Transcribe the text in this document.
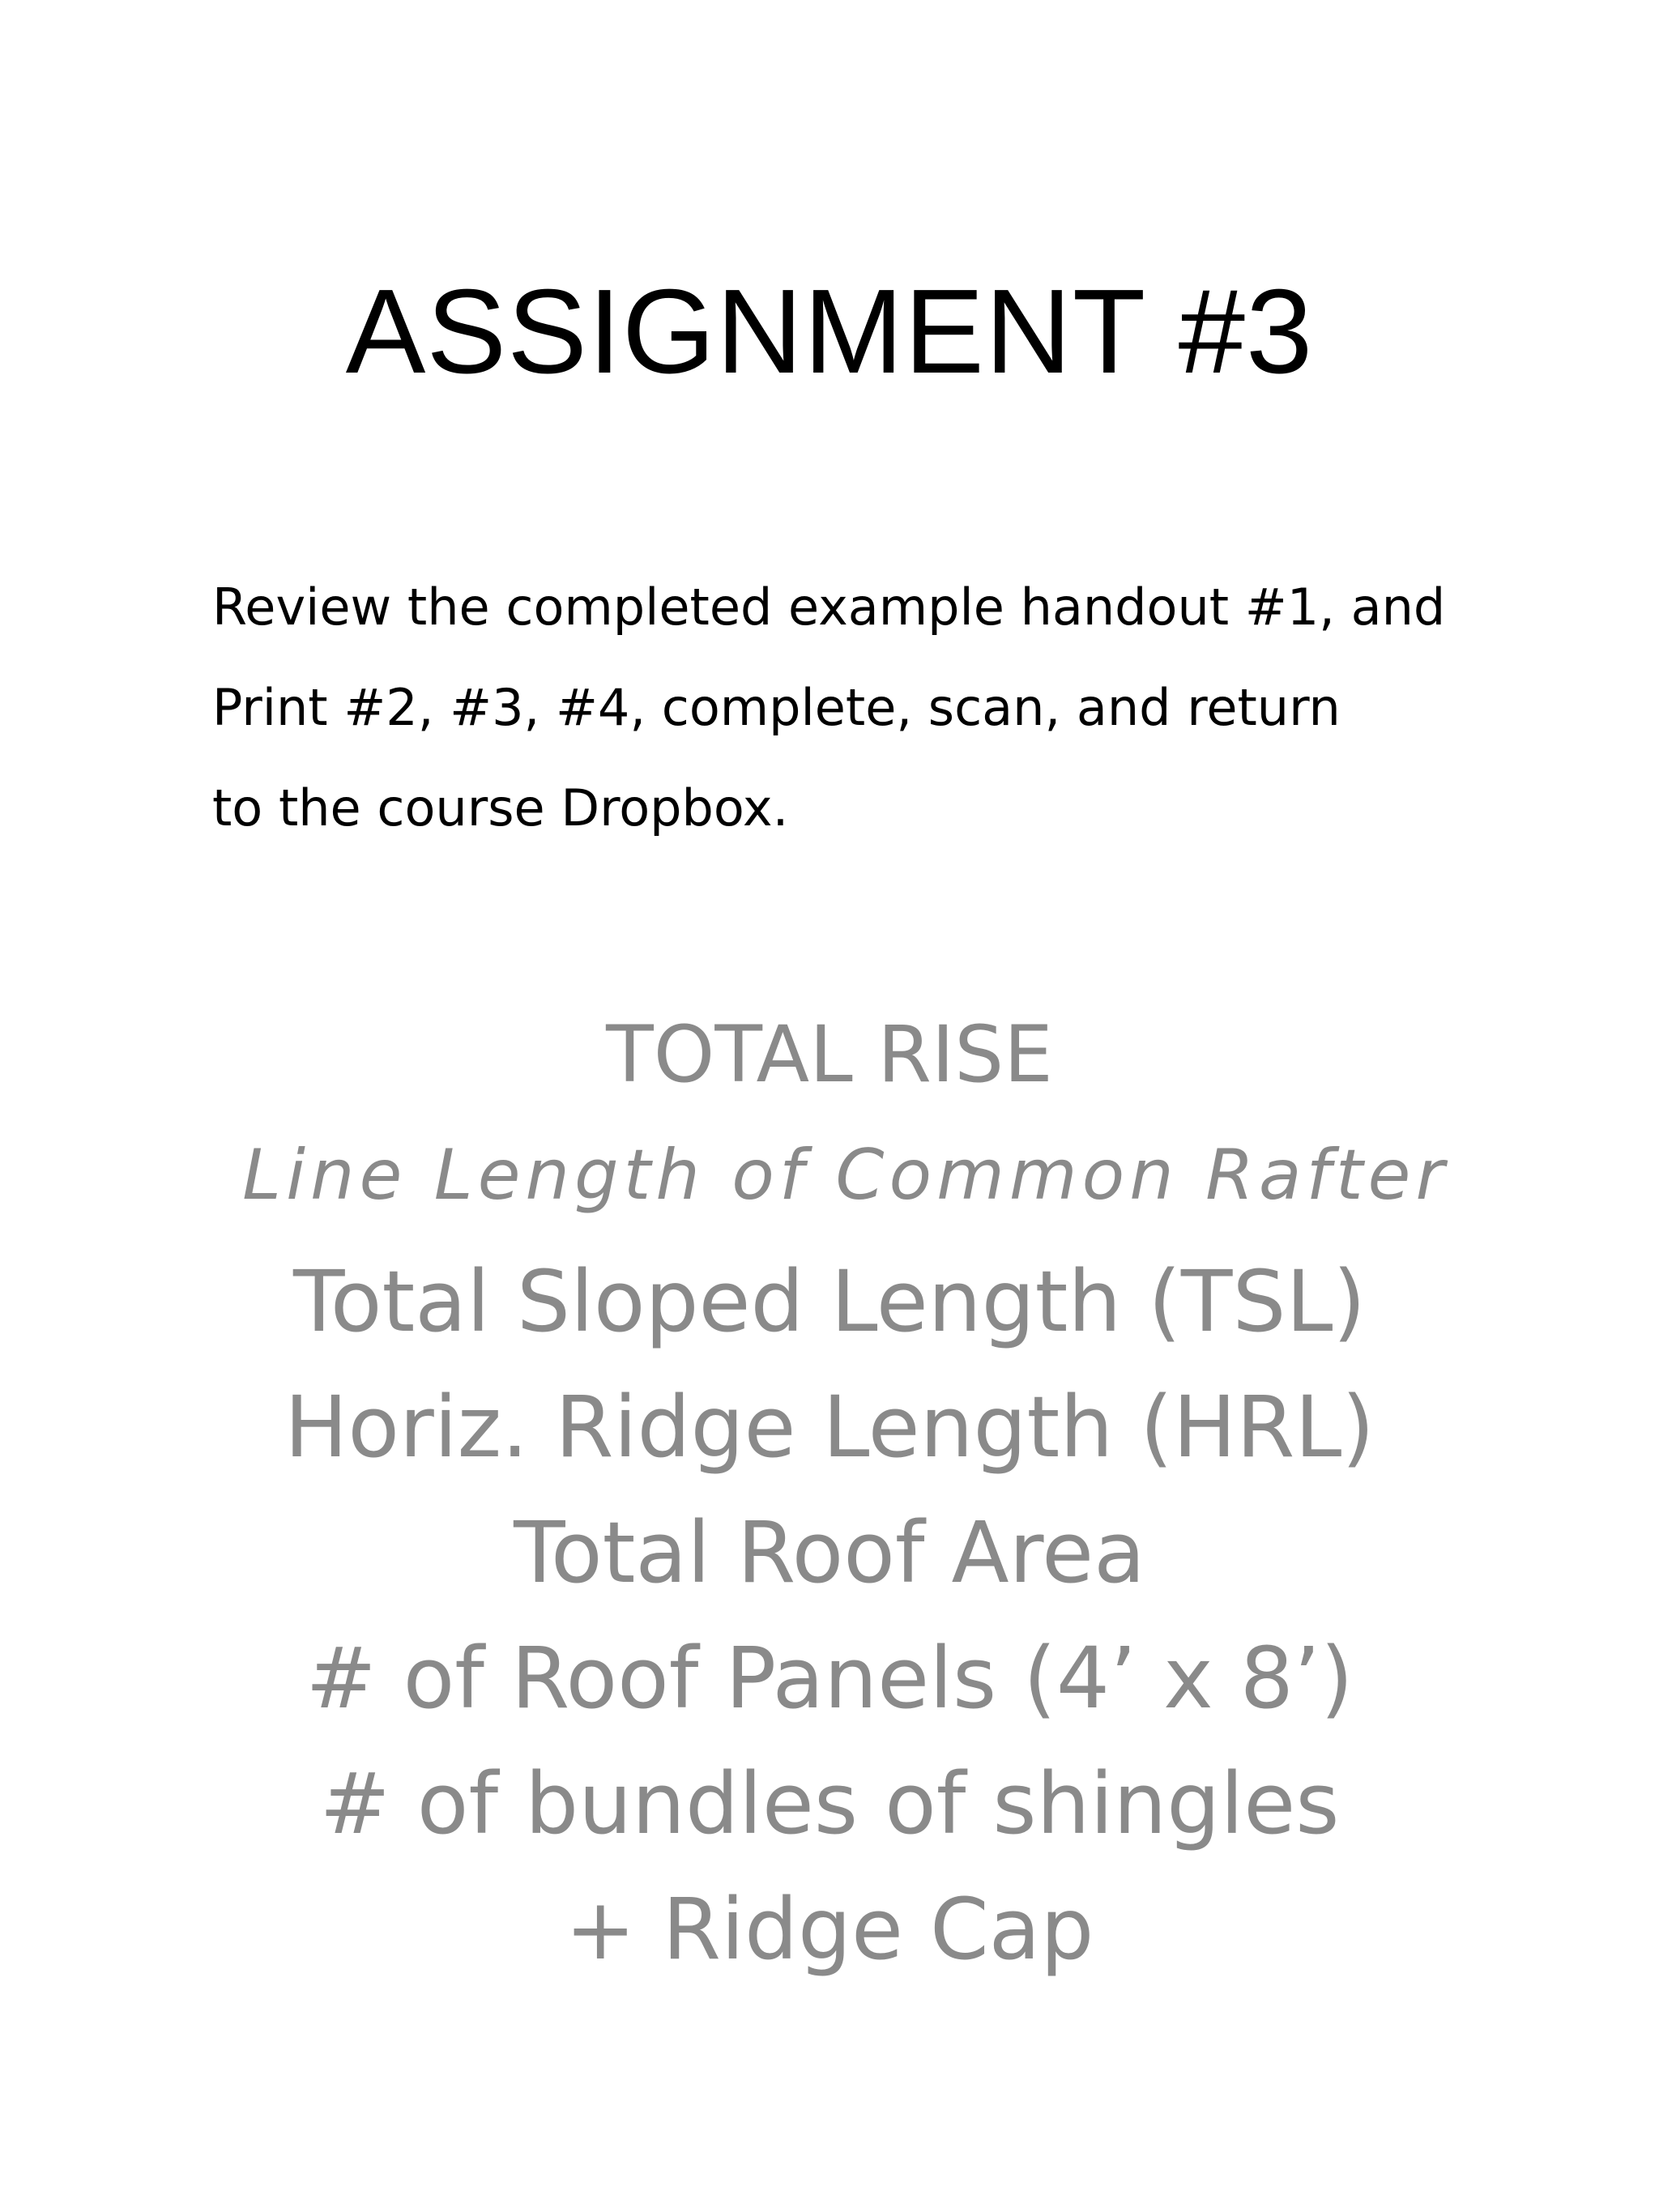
ASSIGNMENT #3
Review the completed example handout #1, and
Print #2, #3, #4, complete, scan, and return
to the course Dropbox.
TOTAL RISE
Line Length of Common Rafter
Total Sloped Length (TSL)
Horiz. Ridge Length (HRL)
Total Roof Area
# of Roof Panels (4’ x 8’)
# of bundles of shingles
+ Ridge Cap
